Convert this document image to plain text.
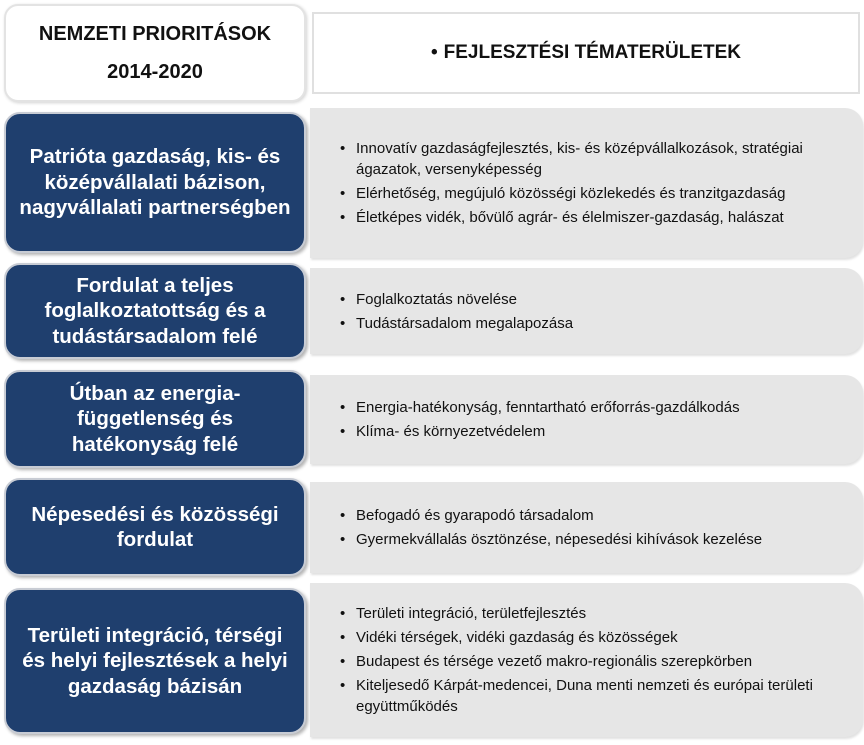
NEMZETI PRIORITÁSOK
2014-2020
• FEJLESZTÉSI TÉMATERÜLETEK
Patrióta gazdaság, kis- és középvállalati bázison, nagyvállalati partnerségben
• Innovatív gazdaságfejlesztés, kis- és középvállalkozások, stratégiai ágazatok, versenyképesség
• Elérhetőség, megújuló közösségi közlekedés és tranzitgazdaság
• Életképes vidék, bővülő agrár- és élelmiszer-gazdaság, halászat
Fordulat a teljes foglalkoztatottság és a tudástársadalom felé
• Foglalkoztatás növelése
• Tudástársadalom megalapozása
Útban az energia-függetlenség és hatékonyság felé
• Energia-hatékonyság, fenntartható erőforrás-gazdálkodás
• Klíma- és környezetvédelem
Népesedési és közösségi fordulat
• Befogadó és gyarapodó társadalom
• Gyermekvállalás ösztönzése, népesedési kihívások kezelése
Területi integráció, térségi és helyi fejlesztések a helyi gazdaság bázisán
• Területi integráció, területfejlesztés
• Vidéki térségek, vidéki gazdaság és közösségek
• Budapest és térsége vezető makro-regionális szerepkörben
• Kiteljesedő Kárpát-medencei, Duna menti nemzeti és európai területi együttműködés
